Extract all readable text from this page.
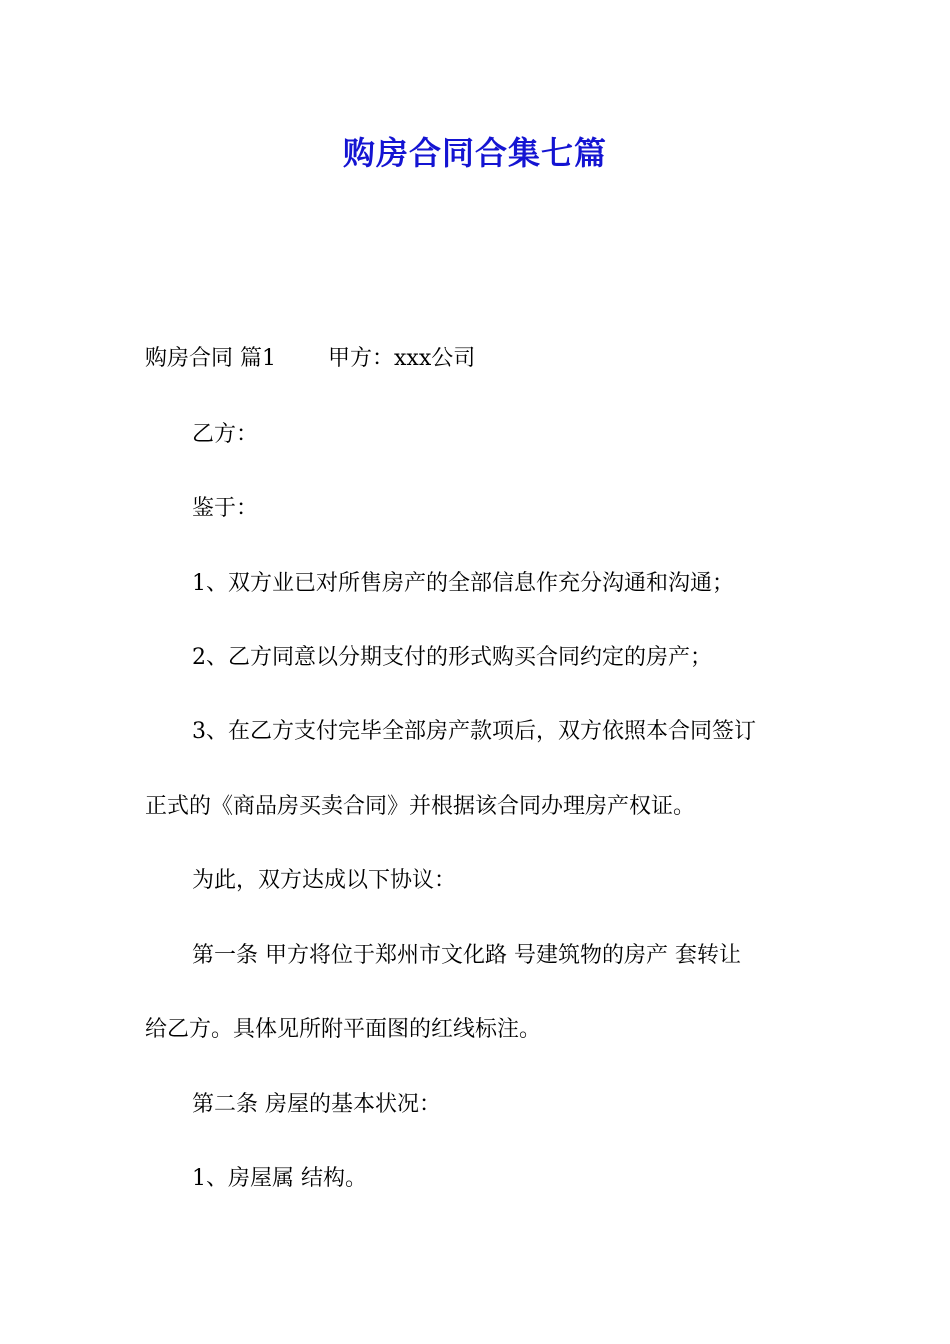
购房合同合集七篇

购房合同 篇1 甲方：xxx公司

乙方：

鉴于：

1、双方业已对所售房产的全部信息作充分沟通和沟通；

2、乙方同意以分期支付的形式购买合同约定的房产；

3、在乙方支付完毕全部房产款项后，双方依照本合同签订

正式的《商品房买卖合同》并根据该合同办理房产权证。

为此，双方达成以下协议：

第一条 甲方将位于郑州市文化路 号建筑物的房产 套转让

给乙方。具体见所附平面图的红线标注。

第二条 房屋的基本状况：

1、房屋属 结构。
